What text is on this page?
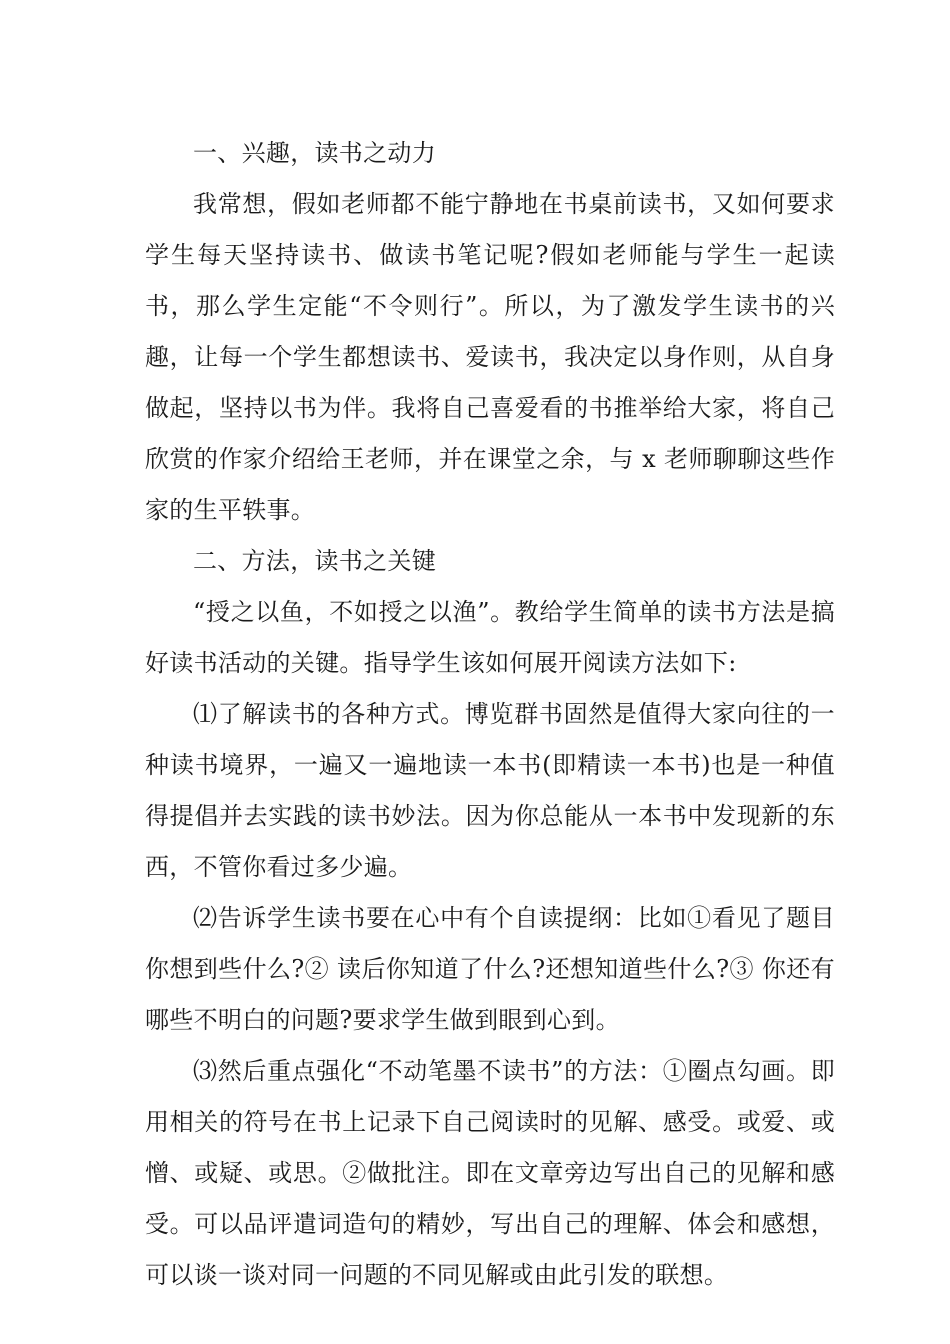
一、兴趣，读书之动力

我常想，假如老师都不能宁静地在书桌前读书，又如何要求学生每天坚持读书、做读书笔记呢?假如老师能与学生一起读书，那么学生定能“不令则行”。所以，为了激发学生读书的兴趣，让每一个学生都想读书、爱读书，我决定以身作则，从自身做起，坚持以书为伴。我将自己喜爱看的书推举给大家，将自己欣赏的作家介绍给王老师，并在课堂之余，与 x 老师聊聊这些作家的生平轶事。

二、方法，读书之关键

“授之以鱼，不如授之以渔”。教给学生简单的读书方法是搞好读书活动的关键。指导学生该如何展开阅读方法如下:

⑴了解读书的各种方式。博览群书固然是值得大家向往的一种读书境界，一遍又一遍地读一本书(即精读一本书)也是一种值得提倡并去实践的读书妙法。因为你总能从一本书中发现新的东西，不管你看过多少遍。

⑵告诉学生读书要在心中有个自读提纲：比如①看见了题目你想到些什么?② 读后你知道了什么?还想知道些什么?③ 你还有哪些不明白的问题?要求学生做到眼到心到。

⑶然后重点强化“不动笔墨不读书”的方法：①圈点勾画。即用相关的符号在书上记录下自己阅读时的见解、感受。或爱、或憎、或疑、或思。②做批注。即在文章旁边写出自己的见解和感受。可以品评遣词造句的精妙，写出自己的理解、体会和感想，可以谈一谈对同一问题的不同见解或由此引发的联想。
